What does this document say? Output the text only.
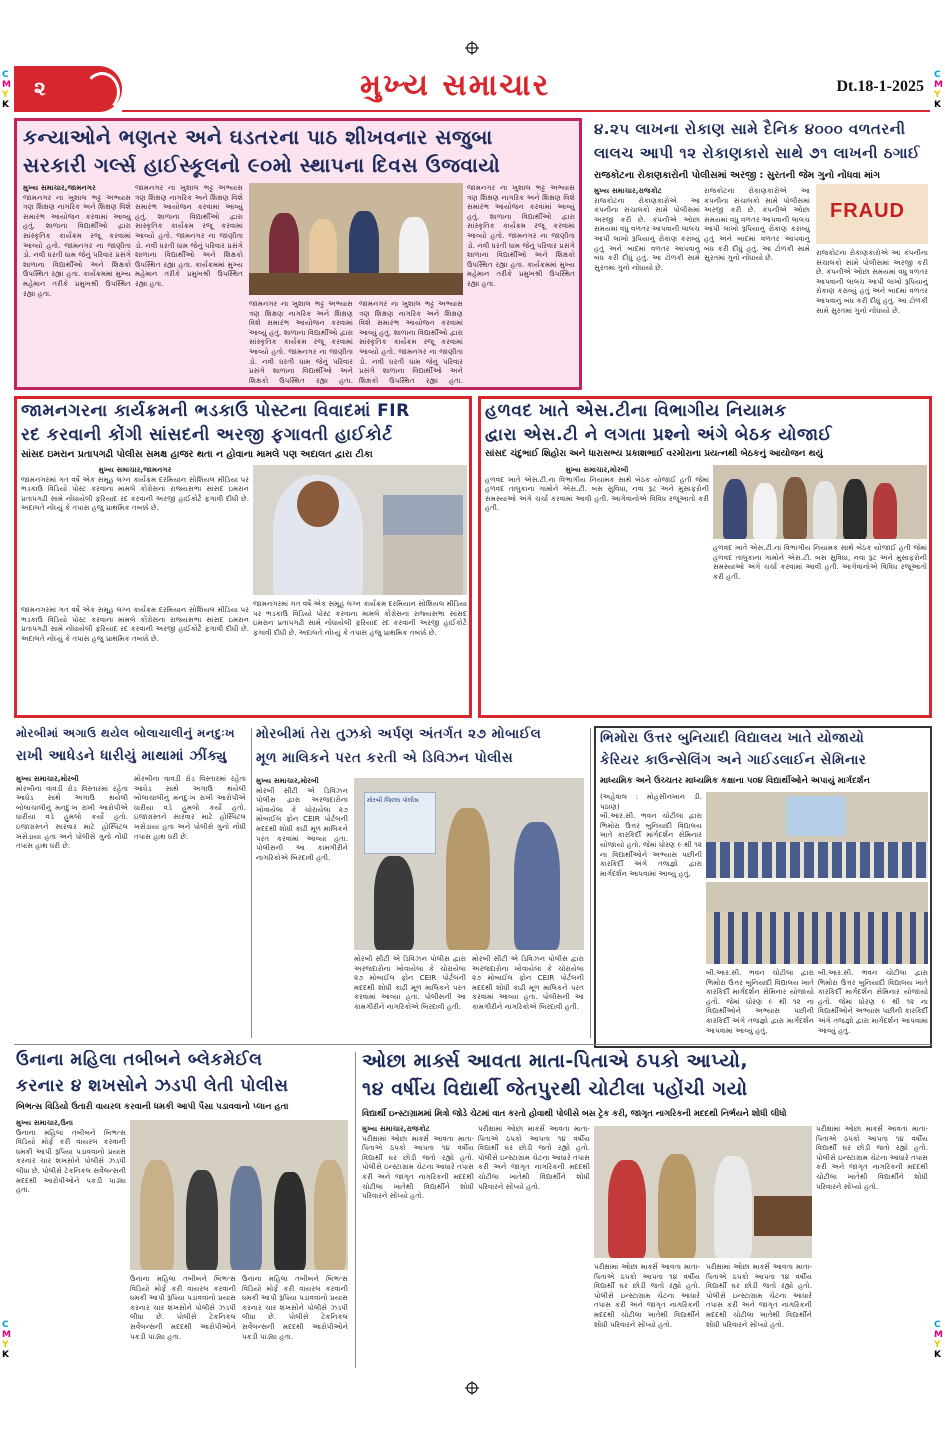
C
M
Y
K
C
M
Y
K
C
M
Y
K
C
M
Y
K
૨	મુખ્ય સમાચાર	Dt.18-1-2025
કન્યાઓને ભણતર અને ઘડતરના પાઠ શીખવનાર સજુબા
સરકારી ગર્લ્સ હાઈસ્કૂલનો ૯૦મો સ્થાપના દિવસ ઉજવાયો
મુખ્ય સમાચાર,જામનગર
જામનગર ના ખુશાલ ભટ્ટ અભ્યાસ ત્રણ શિક્ષણ નાગરિક અને શિક્ષણ વિશે સમારંભ આયોજન કરવામાં આવ્યું હતું. શાળાના વિદ્યાર્થીઓ દ્વારા સાંસ્કૃતિક કાર્યક્રમ રજૂ કરવામાં આવ્યો હતો. જામનગર ના જાણીતા ડો. નવી ધરતી ધામ જેનું પરિવાર પ્રસંગે શાળાના વિદ્યાર્થીઓ અને શિક્ષકો ઉપસ્થિત રહ્યા હતા. કાર્યક્રમમાં મુખ્ય મહેમાન તરીકે પ્રમુખશ્રી ઉપસ્થિત રહ્યા હતા.
જામનગર ના ખુશાલ ભટ્ટ અભ્યાસ ત્રણ શિક્ષણ નાગરિક અને શિક્ષણ વિશે સમારંભ આયોજન કરવામાં આવ્યું હતું. શાળાના વિદ્યાર્થીઓ દ્વારા સાંસ્કૃતિક કાર્યક્રમ રજૂ કરવામાં આવ્યો હતો. જામનગર ના જાણીતા ડો. નવી ધરતી ધામ જેનું પરિવાર પ્રસંગે શાળાના વિદ્યાર્થીઓ અને શિક્ષકો ઉપસ્થિત રહ્યા હતા. કાર્યક્રમમાં મુખ્ય મહેમાન તરીકે પ્રમુખશ્રી ઉપસ્થિત રહ્યા હતા.
જામનગર ના ખુશાલ ભટ્ટ અભ્યાસ ત્રણ શિક્ષણ નાગરિક અને શિક્ષણ વિશે સમારંભ આયોજન કરવામાં આવ્યું હતું. શાળાના વિદ્યાર્થીઓ દ્વારા સાંસ્કૃતિક કાર્યક્રમ રજૂ કરવામાં આવ્યો હતો. જામનગર ના જાણીતા ડો. નવી ધરતી ધામ જેનું પરિવાર પ્રસંગે શાળાના વિદ્યાર્થીઓ અને શિક્ષકો ઉપસ્થિત રહ્યા હતા. કાર્યક્રમમાં મુખ્ય મહેમાન તરીકે પ્રમુખશ્રી ઉપસ્થિત રહ્યા હતા.
જામનગર ના ખુશાલ ભટ્ટ અભ્યાસ ત્રણ શિક્ષણ નાગરિક અને શિક્ષણ વિશે સમારંભ આયોજન કરવામાં આવ્યું હતું. શાળાના વિદ્યાર્થીઓ દ્વારા સાંસ્કૃતિક કાર્યક્રમ રજૂ કરવામાં આવ્યો હતો. જામનગર ના જાણીતા ડો. નવી ધરતી ધામ જેનું પરિવાર પ્રસંગે શાળાના વિદ્યાર્થીઓ અને શિક્ષકો ઉપસ્થિત રહ્યા હતા.
જામનગર ના ખુશાલ ભટ્ટ અભ્યાસ ત્રણ શિક્ષણ નાગરિક અને શિક્ષણ વિશે સમારંભ આયોજન કરવામાં આવ્યું હતું. શાળાના વિદ્યાર્થીઓ દ્વારા સાંસ્કૃતિક કાર્યક્રમ રજૂ કરવામાં આવ્યો હતો. જામનગર ના જાણીતા ડો. નવી ધરતી ધામ જેનું પરિવાર પ્રસંગે શાળાના વિદ્યાર્થીઓ અને શિક્ષકો ઉપસ્થિત રહ્યા હતા.
૪.૨૫ લાખના રોકાણ સામે દૈનિક ૪૦૦૦ વળતરની
લાલચ આપી ૧૨ રોકાણકારો સાથે ૭૧ લાખની ઠગાઈ
રાજકોટના રોકાણકારોની પોલીસમાં અરજી : સુરતની જેમ ગુનો નોંધવા માંગ
મુખ્ય સમાચાર,રાજકોટ
રાજકોટના રોકાણકારોએ આ કંપનીના સંચાલકો સામે પોલીસમાં અરજી કરી છે. કંપનીએ ઓછા સમયમાં વધુ વળતર આપવાની લાલચ આપી લાખો રૂપિયાનું રોકાણ કરાવ્યું હતું અને બાદમાં વળતર આપવાનું બંધ કરી દીધું હતું. આ ટોળકી સામે સુરતમાં ગુનો નોંધાયો છે.
રાજકોટના રોકાણકારોએ આ કંપનીના સંચાલકો સામે પોલીસમાં અરજી કરી છે. કંપનીએ ઓછા સમયમાં વધુ વળતર આપવાની લાલચ આપી લાખો રૂપિયાનું રોકાણ કરાવ્યું હતું અને બાદમાં વળતર આપવાનું બંધ કરી દીધું હતું. આ ટોળકી સામે સુરતમાં ગુનો નોંધાયો છે.
FRAUD
રાજકોટના રોકાણકારોએ આ કંપનીના સંચાલકો સામે પોલીસમાં અરજી કરી છે. કંપનીએ ઓછા સમયમાં વધુ વળતર આપવાની લાલચ આપી લાખો રૂપિયાનું રોકાણ કરાવ્યું હતું અને બાદમાં વળતર આપવાનું બંધ કરી દીધું હતું. આ ટોળકી સામે સુરતમાં ગુનો નોંધાયો છે.
જામનગરના કાર્યક્રમની ભડકાઉ પોસ્ટના વિવાદમાં FIR
રદ કરવાની કોંગી સાંસદની અરજી ફગાવતી હાઈકોર્ટ
સાંસદ ઇમરાન પ્રતાપગઢી પોલીસ સમક્ષ હાજર થતા ન હોવાના મામલે પણ અદાલત દ્વારા ટીકા
મુખ્ય સમાચાર,જામનગર
જામનગરમાં ગત વર્ષે એક સમૂહ લગ્ન કાર્યક્રમ દરમિયાન સોશિયલ મીડિયા પર ભડકાઉ વિડિયો પોસ્ટ કરવાના મામલે કોંગ્રેસના રાજ્યસભા સાંસદ ઇમરાન પ્રતાપગઢી સામે નોંધાયેલી ફરિયાદ રદ કરવાની અરજી હાઈકોર્ટે ફગાવી દીધી છે. અદાલતે નોંધ્યું કે તપાસ હજુ પ્રાથમિક તબક્કે છે.
જામનગરમાં ગત વર્ષે એક સમૂહ લગ્ન કાર્યક્રમ દરમિયાન સોશિયલ મીડિયા પર ભડકાઉ વિડિયો પોસ્ટ કરવાના મામલે કોંગ્રેસના રાજ્યસભા સાંસદ ઇમરાન પ્રતાપગઢી સામે નોંધાયેલી ફરિયાદ રદ કરવાની અરજી હાઈકોર્ટે ફગાવી દીધી છે. અદાલતે નોંધ્યું કે તપાસ હજુ પ્રાથમિક તબક્કે છે.
જામનગરમાં ગત વર્ષે એક સમૂહ લગ્ન કાર્યક્રમ દરમિયાન સોશિયલ મીડિયા પર ભડકાઉ વિડિયો પોસ્ટ કરવાના મામલે કોંગ્રેસના રાજ્યસભા સાંસદ ઇમરાન પ્રતાપગઢી સામે નોંધાયેલી ફરિયાદ રદ કરવાની અરજી હાઈકોર્ટે ફગાવી દીધી છે. અદાલતે નોંધ્યું કે તપાસ હજુ પ્રાથમિક તબક્કે છે.
હળવદ ખાતે એસ.ટીના વિભાગીય નિયામક
દ્વારા એસ.ટી ને લગતા પ્રશ્નો અંગે બેઠક યોજાઈ
સાંસદ ચંદુભાઈ શિહોરા અને ધારાસભ્ય પ્રકાશભાઈ વરમોરાના પ્રયત્નથી બેઠકનું આયોજન થયું
મુખ્ય સમાચાર,મોરબી
હળવદ ખાતે એસ.ટી.ના વિભાગીય નિયામક સાથે બેઠક યોજાઈ હતી જેમાં હળવદ તાલુકાના ગામોને એસ.ટી. બસ સુવિધા, નવા રૂટ અને મુસાફરોની સમસ્યાઓ અંગે ચર્ચા કરવામાં આવી હતી. આગેવાનોએ વિવિધ રજૂઆતો કરી હતી.
હળવદ ખાતે એસ.ટી.ના વિભાગીય નિયામક સાથે બેઠક યોજાઈ હતી જેમાં હળવદ તાલુકાના ગામોને એસ.ટી. બસ સુવિધા, નવા રૂટ અને મુસાફરોની સમસ્યાઓ અંગે ચર્ચા કરવામાં આવી હતી. આગેવાનોએ વિવિધ રજૂઆતો કરી હતી.
મોરબીમાં અગાઉ થયેલ બોલાચાલીનું મનદુઃખ
રાખી આધેડને ધારીયું માથામાં ઝીંક્યુ
મુખ્ય સમાચાર,મોરબી
મોરબીના વાવડી રોડ વિસ્તારમાં રહેતા આધેડ સાથે અગાઉ થયેલી બોલાચાલીનું મનદુઃખ રાખી આરોપીએ ધારીયા વડે હુમલો કર્યો હતો. ઇજાગ્રસ્તને સારવાર માટે હોસ્પિટલ ખસેડાયા હતા અને પોલીસે ગુનો નોંધી તપાસ હાથ ધરી છે.
મોરબીના વાવડી રોડ વિસ્તારમાં રહેતા આધેડ સાથે અગાઉ થયેલી બોલાચાલીનું મનદુઃખ રાખી આરોપીએ ધારીયા વડે હુમલો કર્યો હતો. ઇજાગ્રસ્તને સારવાર માટે હોસ્પિટલ ખસેડાયા હતા અને પોલીસે ગુનો નોંધી તપાસ હાથ ધરી છે.
મોરબીમાં તેરા તુઝકો અર્પણ અંતર્ગત ૨૭ મોબાઈલ
મૂળ માલિકને પરત કરતી એ ડિવિઝન પોલીસ
મુખ્ય સમાચાર,મોરબી
મોરબી સીટી એ ડિવિઝન પોલીસ દ્વારા અરજદારોના ખોવાયેલા કે ચોરાયેલા ૨૭ મોબાઈલ ફોન CEIR પોર્ટલની મદદથી શોધી કાઢી મૂળ માલિકને પરત કરવામાં આવ્યા હતા. પોલીસની આ કામગીરીને નાગરિકોએ બિરદાવી હતી.
મોરબી જિલ્લા પોલીસ
મોરબી સીટી એ ડિવિઝન પોલીસ દ્વારા અરજદારોના ખોવાયેલા કે ચોરાયેલા ૨૭ મોબાઈલ ફોન CEIR પોર્ટલની મદદથી શોધી કાઢી મૂળ માલિકને પરત કરવામાં આવ્યા હતા. પોલીસની આ કામગીરીને નાગરિકોએ બિરદાવી હતી.
મોરબી સીટી એ ડિવિઝન પોલીસ દ્વારા અરજદારોના ખોવાયેલા કે ચોરાયેલા ૨૭ મોબાઈલ ફોન CEIR પોર્ટલની મદદથી શોધી કાઢી મૂળ માલિકને પરત કરવામાં આવ્યા હતા. પોલીસની આ કામગીરીને નાગરિકોએ બિરદાવી હતી.
ભિમોરા ઉત્તર બુનિયાદી વિદ્યાલય ખાતે યોજાયો
કેરિયર કાઉન્સેલિંગ અને ગાઈડલાઈન સેમિનાર
માધ્યમિક અને ઉચ્ચતર માધ્યમિક કક્ષાના ૫૦૪ વિદ્યાર્થીઓને અપાયું માર્ગદર્શન
(અહેવાલ : મોહસીનખાન ડી. પઠાણ)
બી.આર.સી. ભવન ચોટીલા દ્વારા ભિમોરા ઉત્તર બુનિયાદી વિદ્યાલય ખાતે કારકિર્દી માર્ગદર્શન સેમિનાર યોજાયો હતો. જેમાં ધોરણ ૯ થી ૧૨ ના વિદ્યાર્થીઓને અભ્યાસ પછીની કારકિર્દી અંગે તજજ્ઞો દ્વારા માર્ગદર્શન આપવામાં આવ્યું હતું.
બી.આર.સી. ભવન ચોટીલા દ્વારા ભિમોરા ઉત્તર બુનિયાદી વિદ્યાલય ખાતે કારકિર્દી માર્ગદર્શન સેમિનાર યોજાયો હતો. જેમાં ધોરણ ૯ થી ૧૨ ના વિદ્યાર્થીઓને અભ્યાસ પછીની કારકિર્દી અંગે તજજ્ઞો દ્વારા માર્ગદર્શન આપવામાં આવ્યું હતું.
બી.આર.સી. ભવન ચોટીલા દ્વારા ભિમોરા ઉત્તર બુનિયાદી વિદ્યાલય ખાતે કારકિર્દી માર્ગદર્શન સેમિનાર યોજાયો હતો. જેમાં ધોરણ ૯ થી ૧૨ ના વિદ્યાર્થીઓને અભ્યાસ પછીની કારકિર્દી અંગે તજજ્ઞો દ્વારા માર્ગદર્શન આપવામાં આવ્યું હતું.
ઉનાના મહિલા તબીબને બ્લેકમેઈલ
કરનાર ૪ શખસોને ઝડપી લેતી પોલીસ
બિભત્સ વિડિયો ઉતારી વાયરલ કરવાની ધમકી આપી પૈસા પડાવવાનો પ્લાન હતા
મુખ્ય સમાચાર,ઉના
ઉનાના મહિલા તબીબને બિભત્સ વિડિયો મોર્ફ કરી વાયરલ કરવાની ધમકી આપી રૂપિયા પડાવવાનો પ્રયાસ કરનાર ચાર શખસોને પોલીસે ઝડપી લીધા છે. પોલીસે ટેકનિકલ સર્વેલન્સની મદદથી આરોપીઓને પકડી પાડ્યા હતા.
ઉનાના મહિલા તબીબને બિભત્સ વિડિયો મોર્ફ કરી વાયરલ કરવાની ધમકી આપી રૂપિયા પડાવવાનો પ્રયાસ કરનાર ચાર શખસોને પોલીસે ઝડપી લીધા છે. પોલીસે ટેકનિકલ સર્વેલન્સની મદદથી આરોપીઓને પકડી પાડ્યા હતા.
ઉનાના મહિલા તબીબને બિભત્સ વિડિયો મોર્ફ કરી વાયરલ કરવાની ધમકી આપી રૂપિયા પડાવવાનો પ્રયાસ કરનાર ચાર શખસોને પોલીસે ઝડપી લીધા છે. પોલીસે ટેકનિકલ સર્વેલન્સની મદદથી આરોપીઓને પકડી પાડ્યા હતા.
ઓછા માર્ક્સ આવતા માતા-પિતાએ ઠપકો આપ્યો,
૧૪ વર્ષીય વિદ્યાર્થી જેતપુરથી ચોટીલા પહોંચી ગયો
વિદ્યાર્થી ઇન્સ્ટાગ્રામમાં મિત્રો જોડે ચેટમાં વાત કરતો હોવાથી પોલીસે બસ ટ્રેક કરી, જાગૃત નાગરિકની મદદથી નિર્ભયને શોધી લીધો
મુખ્ય સમાચાર,રાજકોટ
પરીક્ષામાં ઓછા માર્ક્સ આવતા માતા-પિતાએ ઠપકો આપતા ૧૪ વર્ષીય વિદ્યાર્થી ઘર છોડી જતો રહ્યો હતો. પોલીસે ઇન્સ્ટાગ્રામ ચેટના આધારે તપાસ કરી અને જાગૃત નાગરિકની મદદથી ચોટીલા ખાતેથી વિદ્યાર્થીને શોધી પરિવારને સોંપ્યો હતો.
પરીક્ષામાં ઓછા માર્ક્સ આવતા માતા-પિતાએ ઠપકો આપતા ૧૪ વર્ષીય વિદ્યાર્થી ઘર છોડી જતો રહ્યો હતો. પોલીસે ઇન્સ્ટાગ્રામ ચેટના આધારે તપાસ કરી અને જાગૃત નાગરિકની મદદથી ચોટીલા ખાતેથી વિદ્યાર્થીને શોધી પરિવારને સોંપ્યો હતો.
પરીક્ષામાં ઓછા માર્ક્સ આવતા માતા-પિતાએ ઠપકો આપતા ૧૪ વર્ષીય વિદ્યાર્થી ઘર છોડી જતો રહ્યો હતો. પોલીસે ઇન્સ્ટાગ્રામ ચેટના આધારે તપાસ કરી અને જાગૃત નાગરિકની મદદથી ચોટીલા ખાતેથી વિદ્યાર્થીને શોધી પરિવારને સોંપ્યો હતો.
પરીક્ષામાં ઓછા માર્ક્સ આવતા માતા-પિતાએ ઠપકો આપતા ૧૪ વર્ષીય વિદ્યાર્થી ઘર છોડી જતો રહ્યો હતો. પોલીસે ઇન્સ્ટાગ્રામ ચેટના આધારે તપાસ કરી અને જાગૃત નાગરિકની મદદથી ચોટીલા ખાતેથી વિદ્યાર્થીને શોધી પરિવારને સોંપ્યો હતો.
પરીક્ષામાં ઓછા માર્ક્સ આવતા માતા-પિતાએ ઠપકો આપતા ૧૪ વર્ષીય વિદ્યાર્થી ઘર છોડી જતો રહ્યો હતો. પોલીસે ઇન્સ્ટાગ્રામ ચેટના આધારે તપાસ કરી અને જાગૃત નાગરિકની મદદથી ચોટીલા ખાતેથી વિદ્યાર્થીને શોધી પરિવારને સોંપ્યો હતો.
